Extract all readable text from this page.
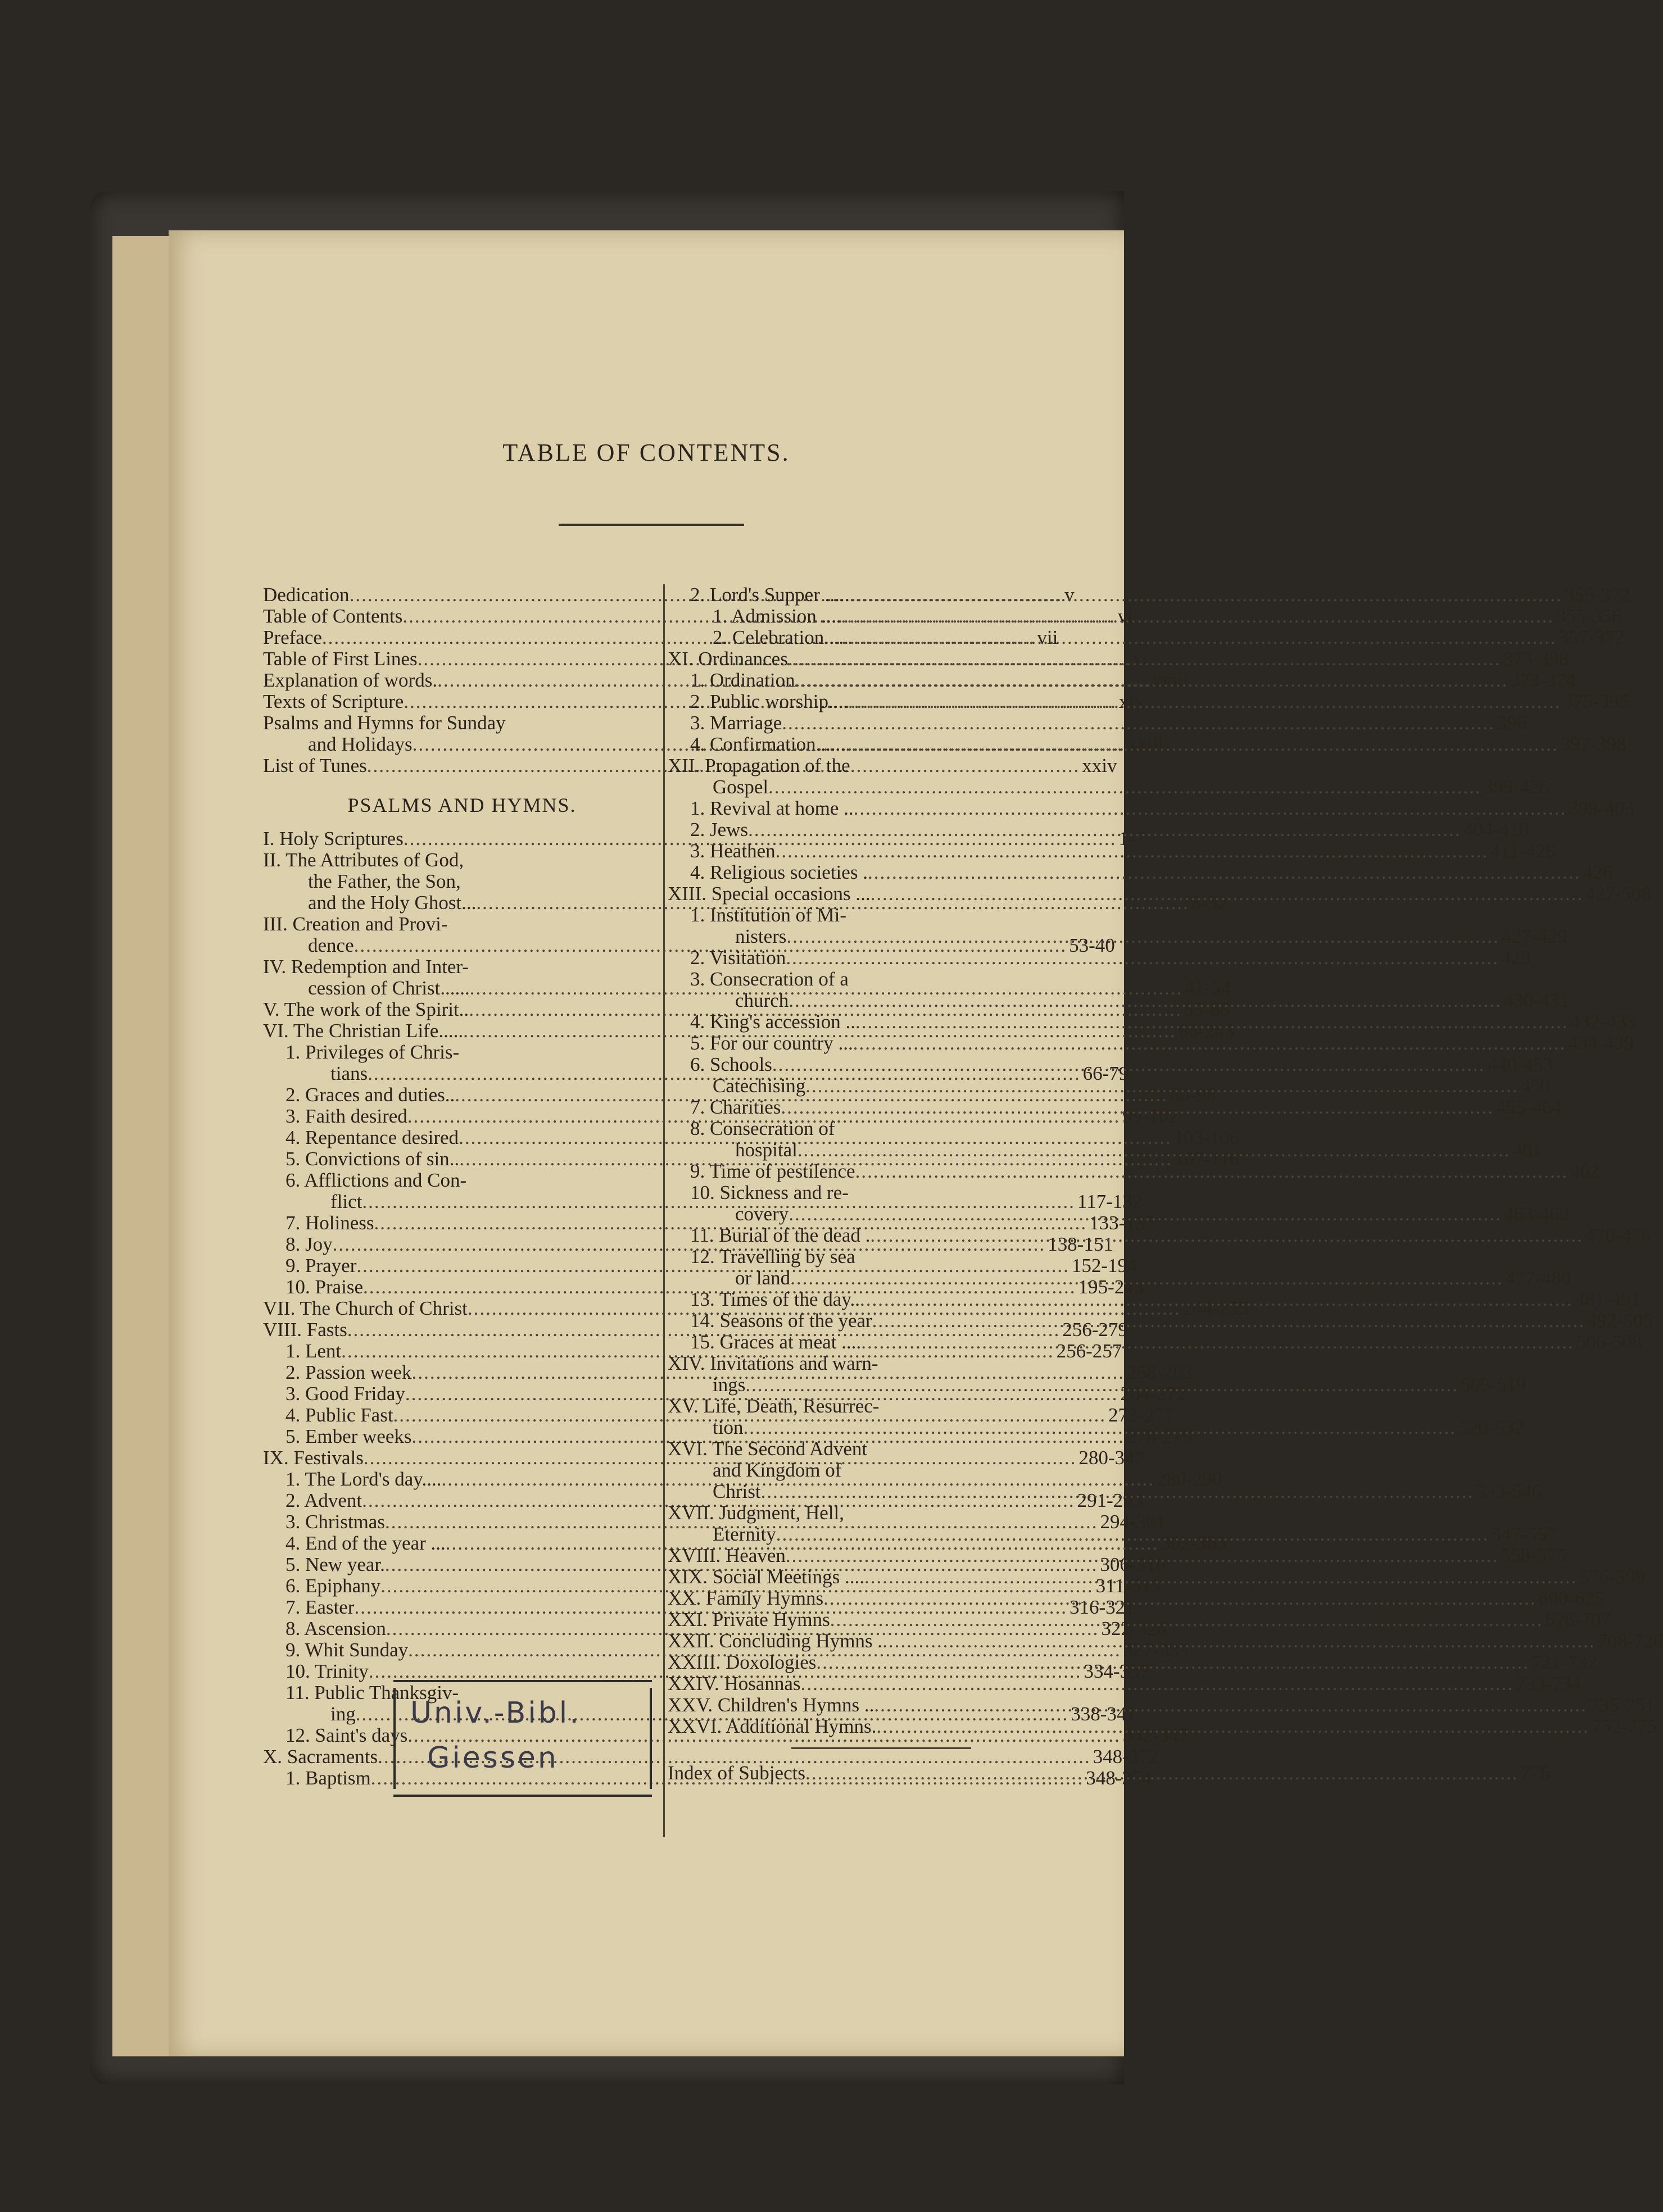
TABLE OF CONTENTS.
Dedication .....	v
Table of Contents .....	vi
Preface .....	vii
Table of First Lines .....	xi
Explanation of words. .....	xviii
Texts of Scripture .....	xix
Psalms and Hymns for Sunday
and Holidays .....	xxiii
List of Tunes .....	xxiv
PSALMS AND HYMNS.
I. Holy Scriptures .....	1-7
II. The Attributes of God,
the Father, the Son,
and the Holy Ghost... .....	8-52
III. Creation and Provi-
dence .....	53-40
IV. Redemption and Inter-
cession of Christ...... .....	41-54
V. The work of the Spirit.. .....	55-65
VI. The Christian Life..... .....	66-243
1. Privileges of Chris-
tians .....	66-79
2. Graces and duties.. .....	80-98
3. Faith desired .....	99-102
4. Repentance desired .....	103-106
5. Convictions of sin.. .....	107-116
6. Afflictions and Con-
flict .....	117-132
7. Holiness .....	133-137
8. Joy .....	138-151
9. Prayer .....	152-194
10. Praise .....	195-243
VII. The Church of Christ .....	244-255
VIII. Fasts .....	256-279
1. Lent .....	256-257
2. Passion week .....	258-263
3. Good Friday .....	264-272
4. Public Fast .....	273-277
5. Ember weeks .....	278-279
IX. Festivals .....	280-347
1. The Lord's day.... .....	280-290
2. Advent .....	291-293
3. Christmas .....	294-301
4. End of the year ... .....	302-305
5. New year. .....	306-310
6. Epiphany .....	311-315
7. Easter .....	316-321
8. Ascension .....	322-326
9. Whit Sunday .....	327-333
10. Trinity .....	334-337
11. Public Thanksgiv-
ing .....	338-341
12. Saint's days .....	342-347
X. Sacraments .....	348-372
1. Baptism .....	348-354
2. Lord's Supper ..... .....	355-372
1. Admission .... .....	355-356
2. Celebration.... .....	357-372
XI. Ordinances .....	373-398
1. Ordination .....	373-374
2. Public worship.... .....	375-395
3. Marriage .....	396
4. Confirmation...... .....	397-398
XII. Propagation of the
Gospel .....	399-426
1. Revival at home .. .....	399-403
2. Jews .....	404-410
3. Heathen .....	411-426
4. Religious societies . .....	426
XIII. Special occasions ... .....	427-508
1. Institution of Mi-
nisters .....	427-429
2. Visitation .....	429
3. Consecration of a
church .....	430-431
4. King's accession .. .....	432-433
5. For our country ... .....	434-439
6. Schools .....	440-453
Catechising .....	450
7. Charities .....	455-464
8. Consecration of
hospital .....	461
9. Time of pestilence .....	462
10. Sickness and re-
covery .....	463-469
11. Burial of the dead . .....	470-476
12. Travelling by sea
or land .....	477-480
13. Times of the day.. .....	481-491
14. Seasons of the year .....	492-505
15. Graces at meat .... .....	506-508
XIV. Invitations and warn-
ings .....	509-519
XV. Life, Death, Resurrec-
tion .....	520-532
XVI. The Second Advent
and Kingdom of
Christ .....	533-546
XVII. Judgment, Hell,
Eternity .....	547-557
XVIII. Heaven .....	558-575
XIX. Social Meetings .... .....	576-599
XX. Family Hymns .....	600-625
XXI. Private Hymns .....	626-707
XXII. Concluding Hymns . .....	708-720
XXIII. Doxologies .....	721-732
XXIV. Hosannas .....	733-734
XXV. Children's Hymns .. .....	735-751
XXVI. Additional Hymns. .....	752-775
Index of Subjects .....	776
Univ.-Bibl.
Giessen
